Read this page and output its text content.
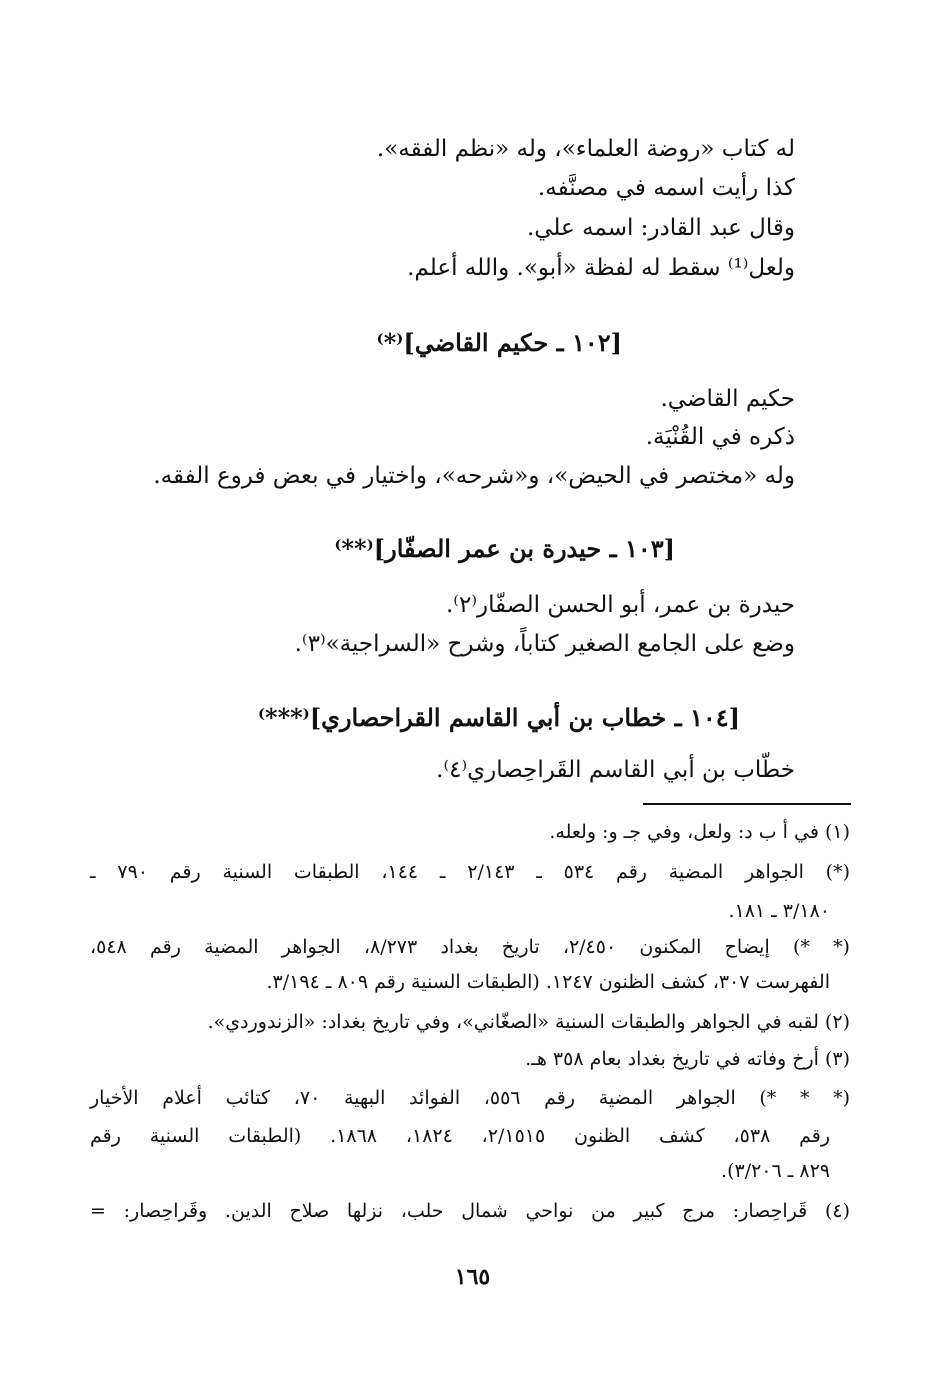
له كتاب «روضة العلماء»، وله «نظم الفقه».
كذا رأيت اسمه في مصنَّفه.
وقال عبد القادر: اسمه علي.
ولعل⁽¹⁾ سقط له لفظة «أبو». والله أعلم.
[١٠٢ ـ حكيم القاضي]⁽*⁾
حكيم القاضي.
ذكره في القُنْيَة.
وله «مختصر في الحيض»، و«شرحه»، واختيار في بعض فروع الفقه.
[١٠٣ ـ حيدرة بن عمر الصفّار]⁽**⁾
حيدرة بن عمر، أبو الحسن الصفّار⁽٢⁾.
وضع على الجامع الصغير كتاباً، وشرح «السراجية»⁽٣⁾.
[١٠٤ ـ خطاب بن أبي القاسم القراحصاري]⁽***⁾
خطّاب بن أبي القاسم القَراحِصاري⁽٤⁾.
(١) في أ ب د: ولعل، وفي جـ و: ولعله.
(*) الجواهر المضية رقم ٥٣٤ ـ ٢/١٤٣ ـ ١٤٤، الطبقات السنية رقم ٧٩٠ ـ
٣/١٨٠ ـ ١٨١.
(* *) إيضاح المكنون ٢/٤٥٠، تاريخ بغداد ٨/٢٧٣، الجواهر المضية رقم ٥٤٨،
الفهرست ٣٠٧، كشف الظنون ١٢٤٧. (الطبقات السنية رقم ٨٠٩ ـ ٣/١٩٤.
(٢) لقبه في الجواهر والطبقات السنية «الصغّاني»، وفي تاريخ بغداد: «الزندوردي».
(٣) أرخ وفاته في تاريخ بغداد بعام ٣٥٨ هـ.
(* * *) الجواهر المضية رقم ٥٥٦، الفوائد البهية ٧٠، كتائب أعلام الأخيار
رقم ٥٣٨، كشف الظنون ٢/١٥١٥، ١٨٢٤، ١٨٦٨. (الطبقات السنية رقم
٨٢٩ ـ ٣/٢٠٦).
(٤) قَراحِصار: مرج كبير من نواحي شمال حلب، نزلها صلاح الدين. وقَراحِصار: =
١٦٥
